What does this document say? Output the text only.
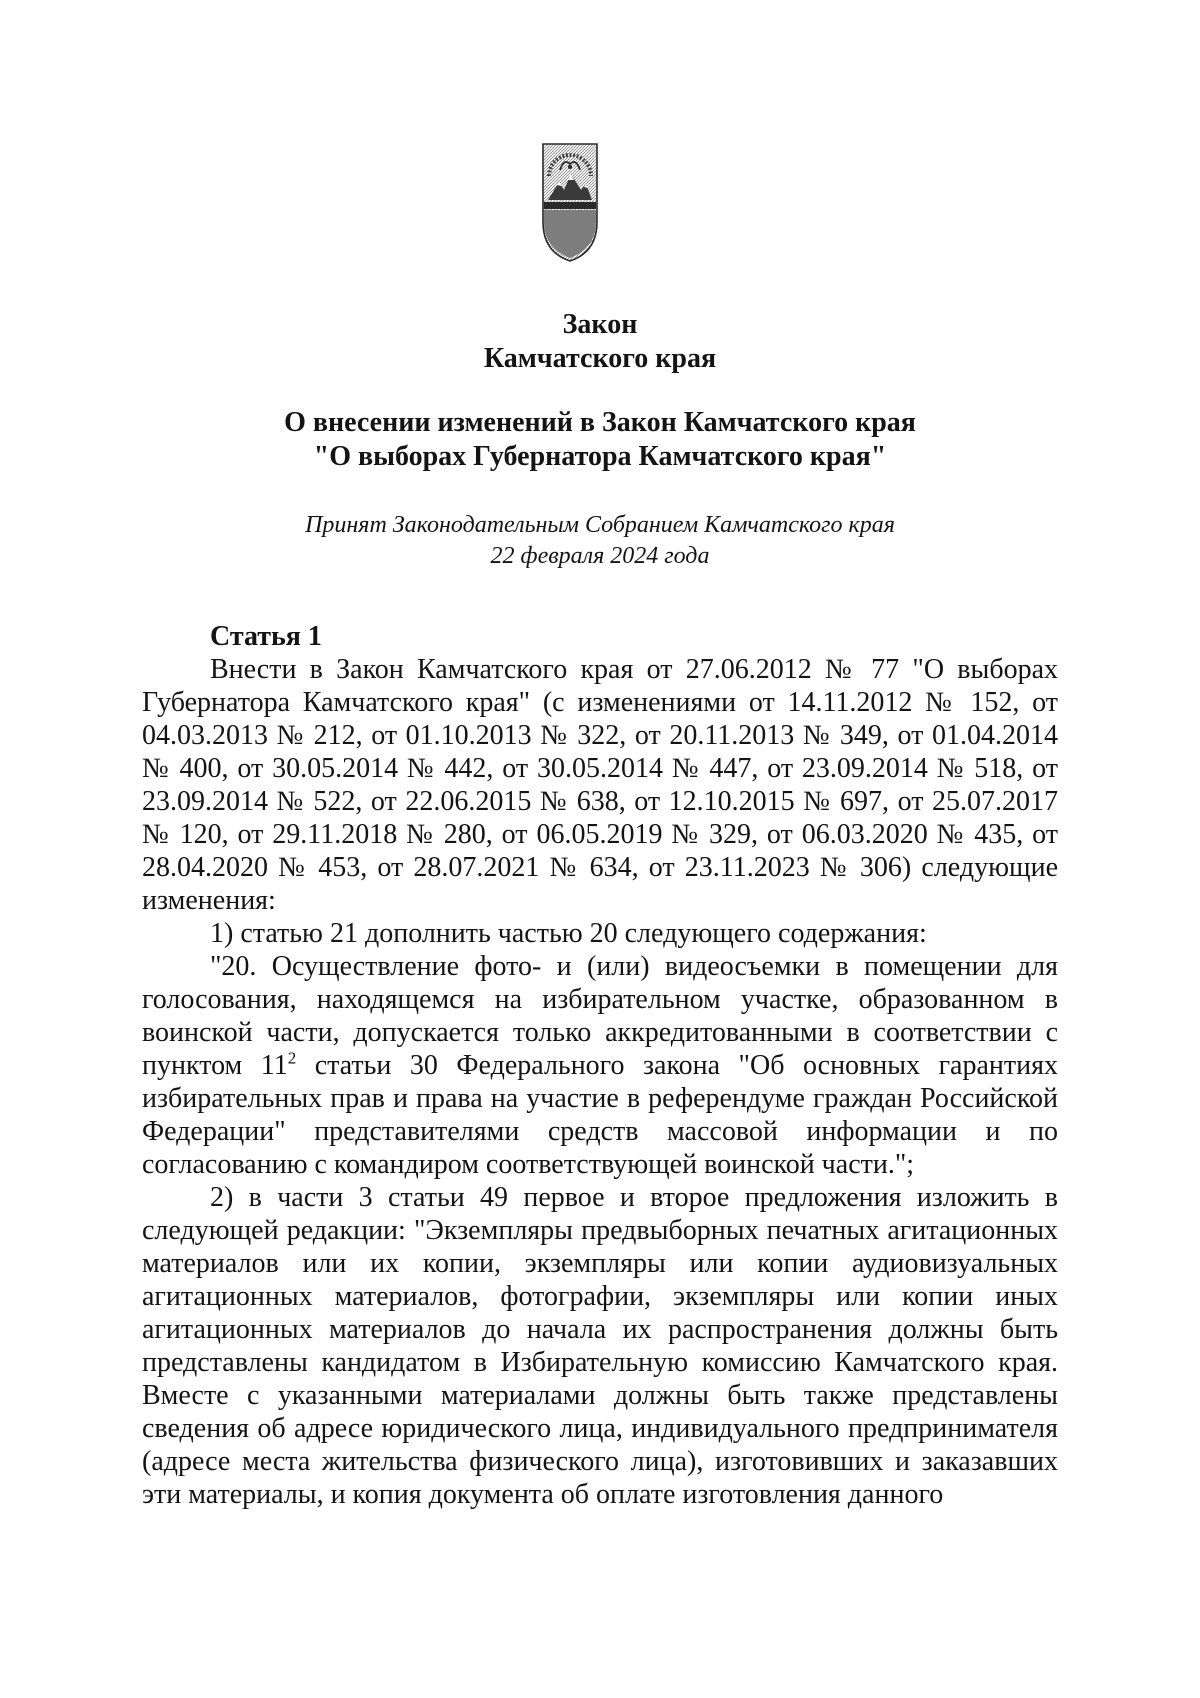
Закон
Камчатского края
О внесении изменений в Закон Камчатского края
"О выборах Губернатора Камчатского края"
Принят Законодательным Собранием Камчатского края
22 февраля 2024 года

Статья 1

Внести в Закон Камчатского края от 27.06.2012 № 77 "О выборах Губернатора Камчатского края" (с изменениями от 14.11.2012 № 152, от 04.03.2013 № 212, от 01.10.2013 № 322, от 20.11.2013 № 349, от 01.04.2014 № 400, от 30.05.2014 № 442, от 30.05.2014 № 447, от 23.09.2014 № 518, от 23.09.2014 № 522, от 22.06.2015 № 638, от 12.10.2015 № 697, от 25.07.2017 № 120, от 29.11.2018 № 280, от 06.05.2019 № 329, от 06.03.2020 № 435, от 28.04.2020 № 453, от 28.07.2021 № 634, от 23.11.2023 № 306) следующие изменения:

1) статью 21 дополнить частью 20 следующего содержания:

"20. Осуществление фото- и (или) видеосъемки в помещении для голосования, находящемся на избирательном участке, образованном в воинской части, допускается только аккредитованными в соответствии с пунктом $11^2$ статьи 30 Федерального закона "Об основных гарантиях избирательных прав и права на участие в референдуме граждан Российской Федерации" представителями средств массовой информации и по согласованию с командиром соответствующей воинской части.";

2) в части 3 статьи 49 первое и второе предложения изложить в следующей редакции: "Экземпляры предвыборных печатных агитационных материалов или их копии, экземпляры или копии аудиовизуальных агитационных материалов, фотографии, экземпляры или копии иных агитационных материалов до начала их распространения должны быть представлены кандидатом в Избирательную комиссию Камчатского края. Вместе с указанными материалами должны быть также представлены сведения об адресе юридического лица, индивидуального предпринимателя (адресе места жительства физического лица), изготовивших и заказавших эти материалы, и копия документа об оплате изготовления данного
